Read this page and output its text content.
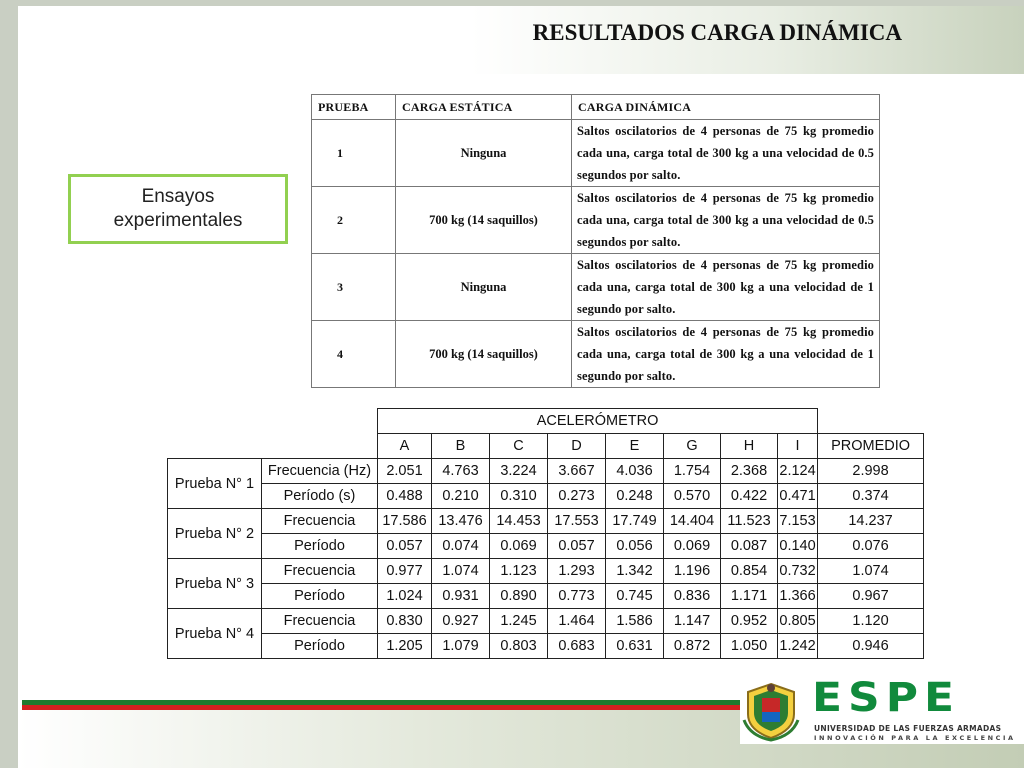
RESULTADOS CARGA DINÁMICA
Ensayos experimentales
PRUEBA	CARGA ESTÁTICA	CARGA DINÁMICA
1	Ninguna	Saltos oscilatorios de 4 personas de 75 kg promedio cada una, carga total de 300 kg a una velocidad de 0.5 segundos por salto.
2	700 kg (14 saquillos)	Saltos oscilatorios de 4 personas de 75 kg promedio cada una, carga total de 300 kg a una velocidad de 0.5 segundos por salto.
3	Ninguna	Saltos oscilatorios de 4 personas de 75 kg promedio cada una, carga total de 300 kg a una velocidad de 1 segundo por salto.
4	700 kg (14 saquillos)	Saltos oscilatorios de 4 personas de 75 kg promedio cada una, carga total de 300 kg a una velocidad de 1 segundo por salto.
		ACELERÓMETRO								
		A	B	C	D	E	G	H	I	PROMEDIO
Prueba N° 1	Frecuencia (Hz)	2.051	4.763	3.224	3.667	4.036	1.754	2.368	2.124	2.998
	Período (s)	0.488	0.210	0.310	0.273	0.248	0.570	0.422	0.471	0.374
Prueba N° 2	Frecuencia	17.586	13.476	14.453	17.553	17.749	14.404	11.523	7.153	14.237
	Período	0.057	0.074	0.069	0.057	0.056	0.069	0.087	0.140	0.076
Prueba N° 3	Frecuencia	0.977	1.074	1.123	1.293	1.342	1.196	0.854	0.732	1.074
	Período	1.024	0.931	0.890	0.773	0.745	0.836	1.171	1.366	0.967
Prueba N° 4	Frecuencia	0.830	0.927	1.245	1.464	1.586	1.147	0.952	0.805	1.120
	Período	1.205	1.079	0.803	0.683	0.631	0.872	1.050	1.242	0.946
ESPE
UNIVERSIDAD DE LAS FUERZAS ARMADAS
INNOVACIÓN PARA LA EXCELENCIA
